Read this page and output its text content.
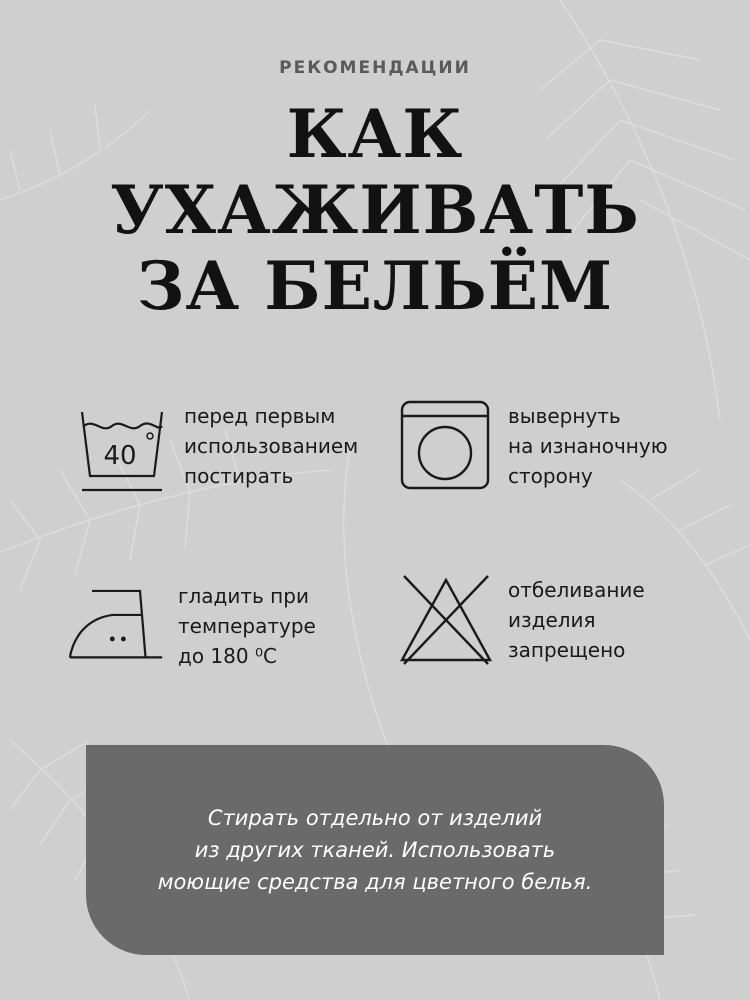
РЕКОМЕНДАЦИИ
КАК
УХАЖИВАТЬ
ЗА БЕЛЬЁМ
40
перед первым
использованием
постирать
вывернуть
на изнаночную
сторону
гладить при
температуре
до 180 ⁰С
отбеливание
изделия
запрещено
Стирать отдельно от изделий
из других тканей. Использовать
моющие средства для цветного белья.
